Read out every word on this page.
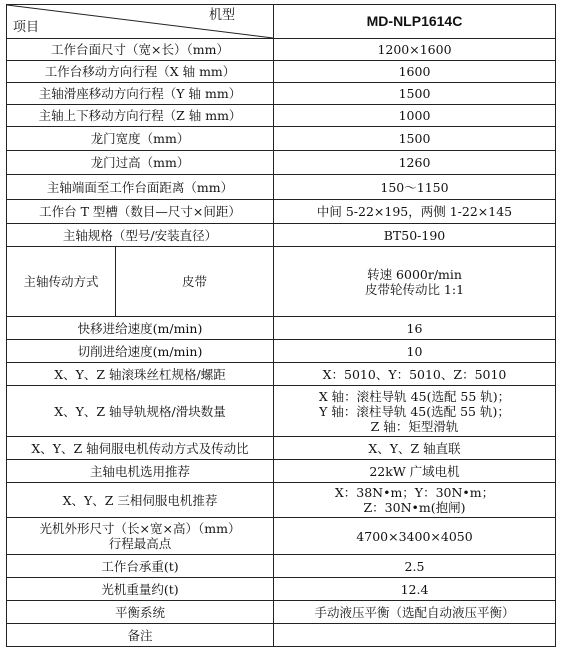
机型
项目		MD-NLP1614C
工作台面尺寸（宽×长）（mm）		1200×1600
工作台移动方向行程（X 轴 mm）		1600
主轴滑座移动方向行程（Y 轴 mm）		1500
主轴上下移动方向行程（Z 轴 mm）		1000
龙门宽度（mm）		1500
龙门过高（mm）		1260
主轴端面至工作台面距离（mm）		150～1150
工作台 T 型槽（数目—尺寸×间距）		中间 5-22×195，两侧 1-22×145
主轴规格（型号/安装直径）		BT50-190
主轴传动方式	皮带	转速 6000r/min
皮带轮传动比 1:1
快移进给速度(m/min)		16
切削进给速度(m/min)		10
X、Y、Z 轴滚珠丝杠规格/螺距		X：5010、Y：5010、Z：5010
X、Y、Z 轴导轨规格/滑块数量		X 轴：滚柱导轨 45(选配 55 轨)；
Y 轴：滚柱导轨 45(选配 55 轨)；
Z 轴：矩型滑轨
X、Y、Z 轴伺服电机传动方式及传动比		X、Y、Z 轴直联
主轴电机选用推荐		22kW 广域电机
X、Y、Z 三相伺服电机推荐		X：38N•m；Y：30N•m；
Z：30N•m(抱闸)
光机外形尺寸（长×宽×高）（mm）
行程最高点		4700×3400×4050
工作台承重(t)		2.5
光机重量约(t)		12.4
平衡系统		手动液压平衡（选配自动液压平衡）
备注		
